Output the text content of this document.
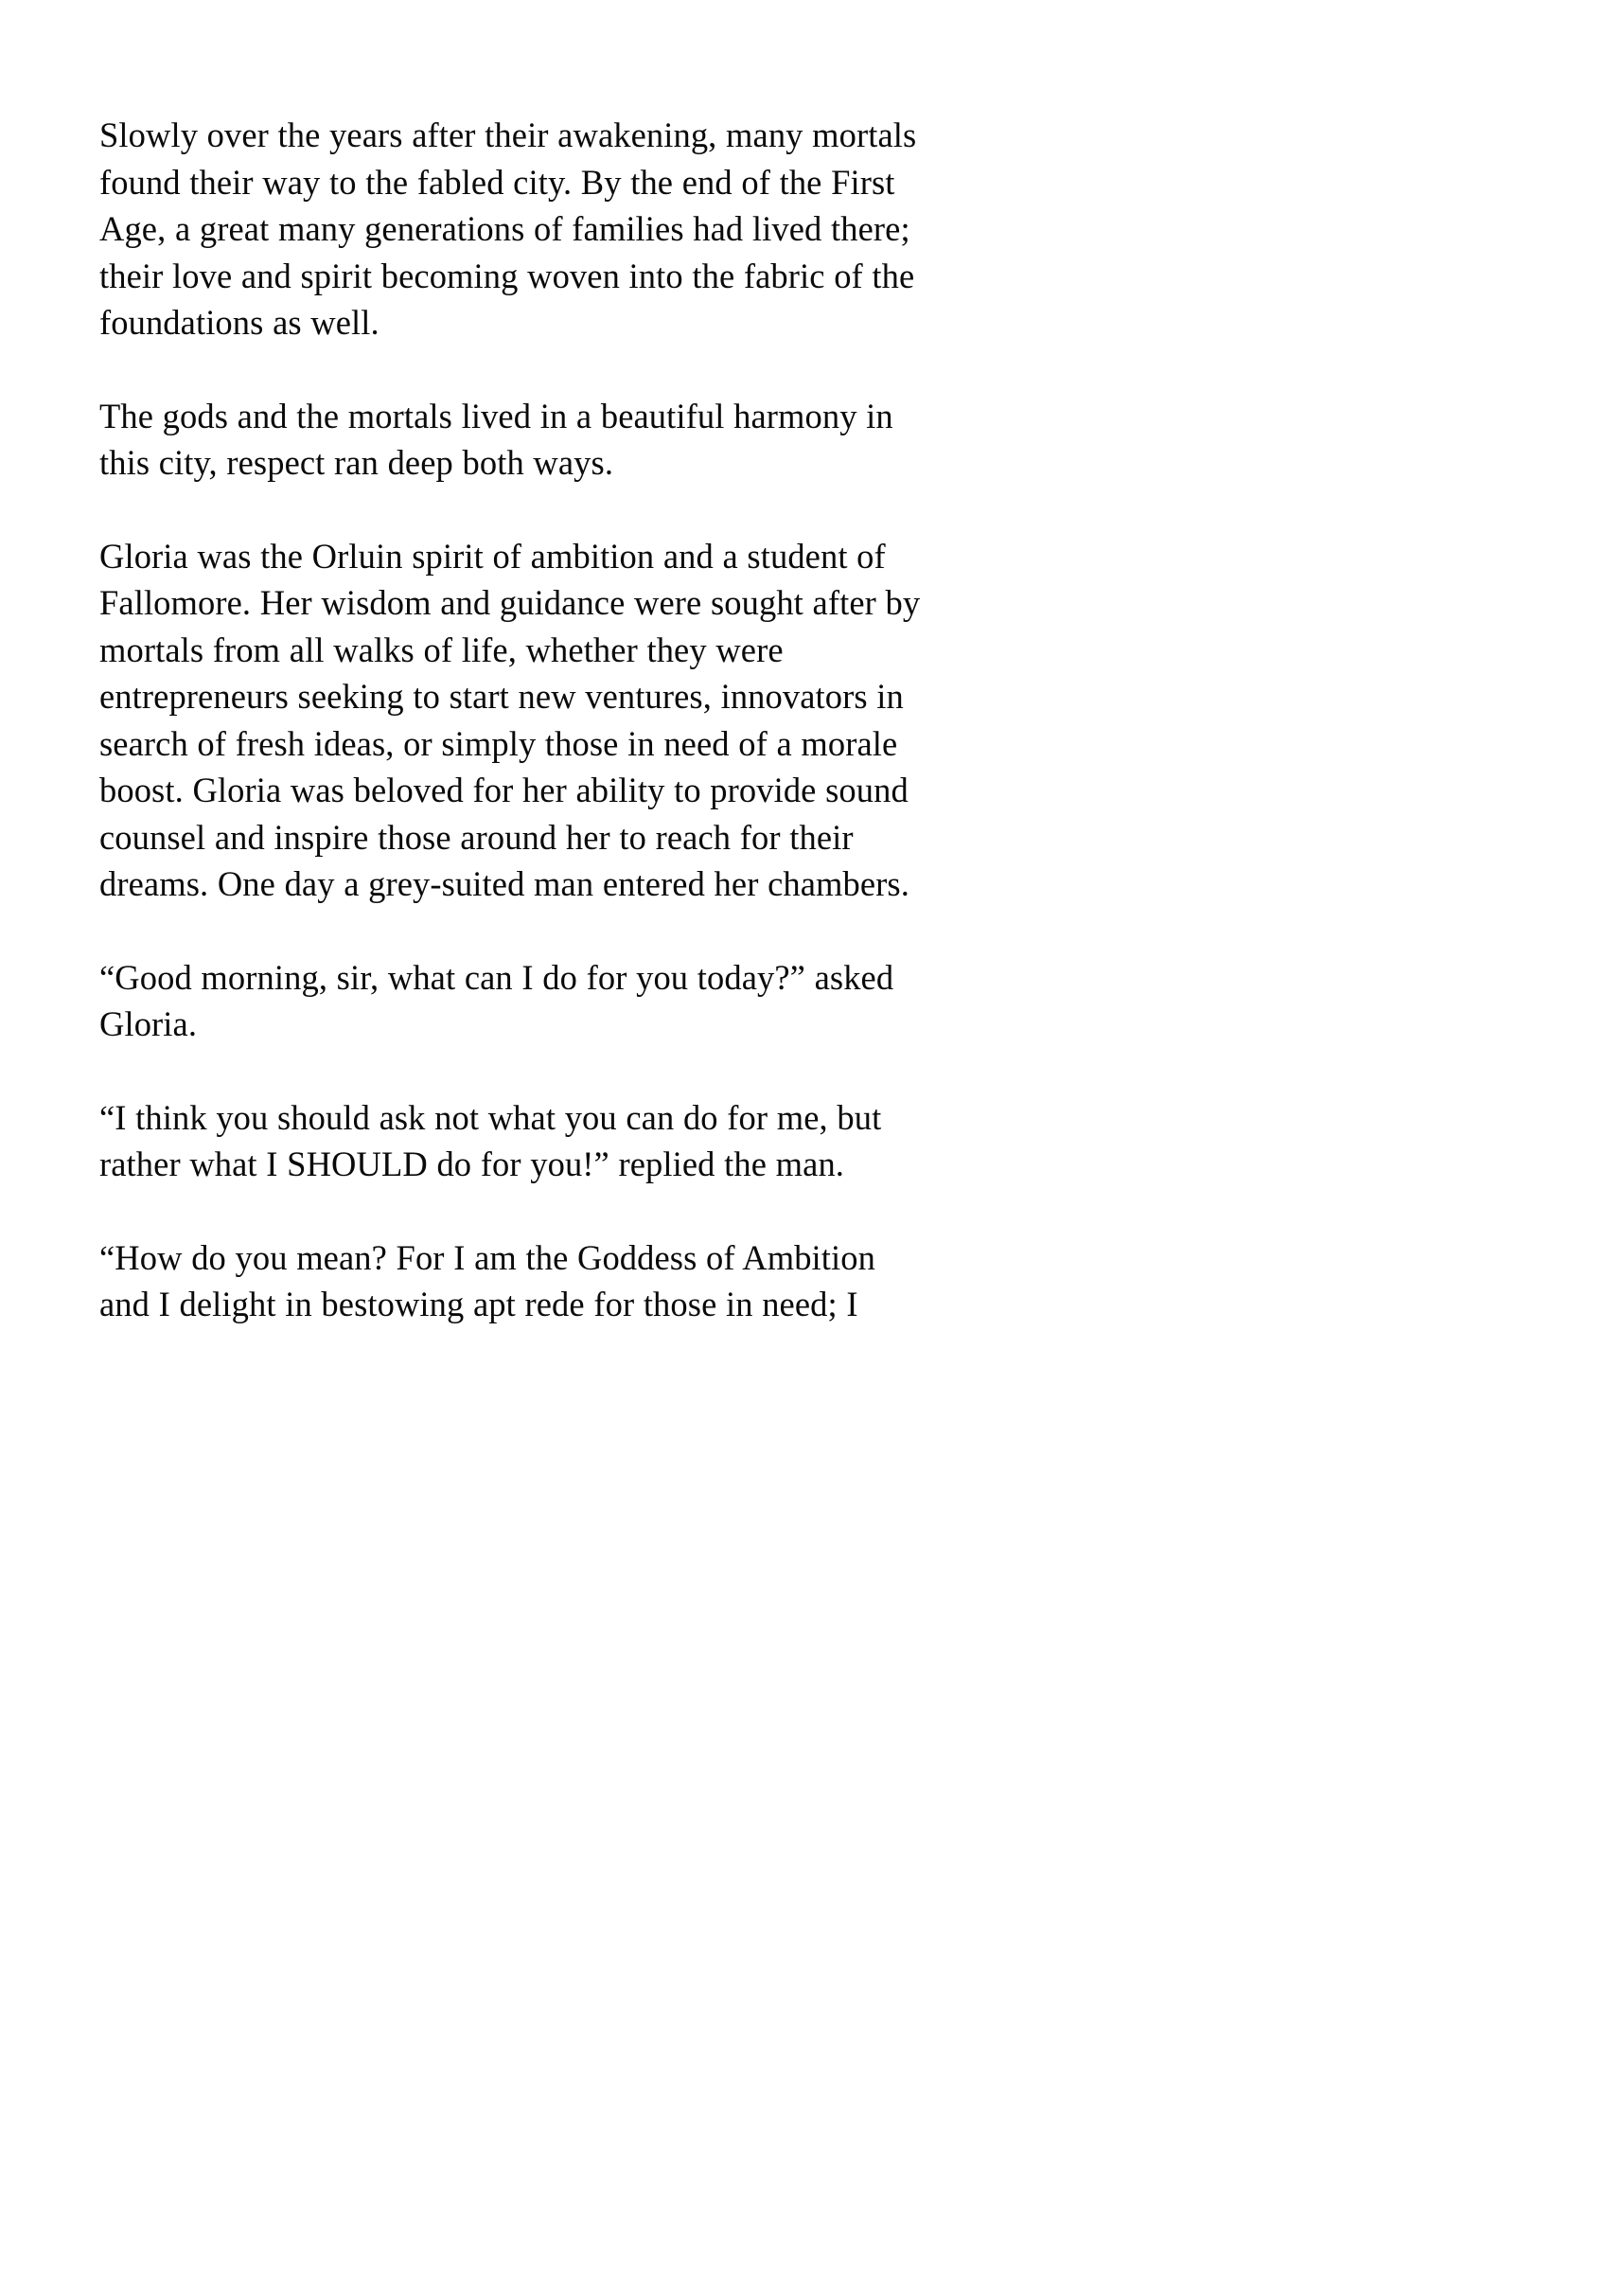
Slowly over the years after their awakening, many mortals found their way to the fabled city. By the end of the First Age, a great many generations of families had lived there; their love and spirit becoming woven into the fabric of the foundations as well.

The gods and the mortals lived in a beautiful harmony in this city, respect ran deep both ways.

Gloria was the Orluin spirit of ambition and a student of Fallomore. Her wisdom and guidance were sought after by mortals from all walks of life, whether they were entrepreneurs seeking to start new ventures, innovators in search of fresh ideas, or simply those in need of a morale boost. Gloria was beloved for her ability to provide sound counsel and inspire those around her to reach for their dreams. One day a grey-suited man entered her chambers.

“Good morning, sir, what can I do for you today?” asked Gloria.

“I think you should ask not what you can do for me, but rather what I SHOULD do for you!” replied the man.

“How do you mean? For I am the Goddess of Ambition and I delight in bestowing apt rede for those in need; I
